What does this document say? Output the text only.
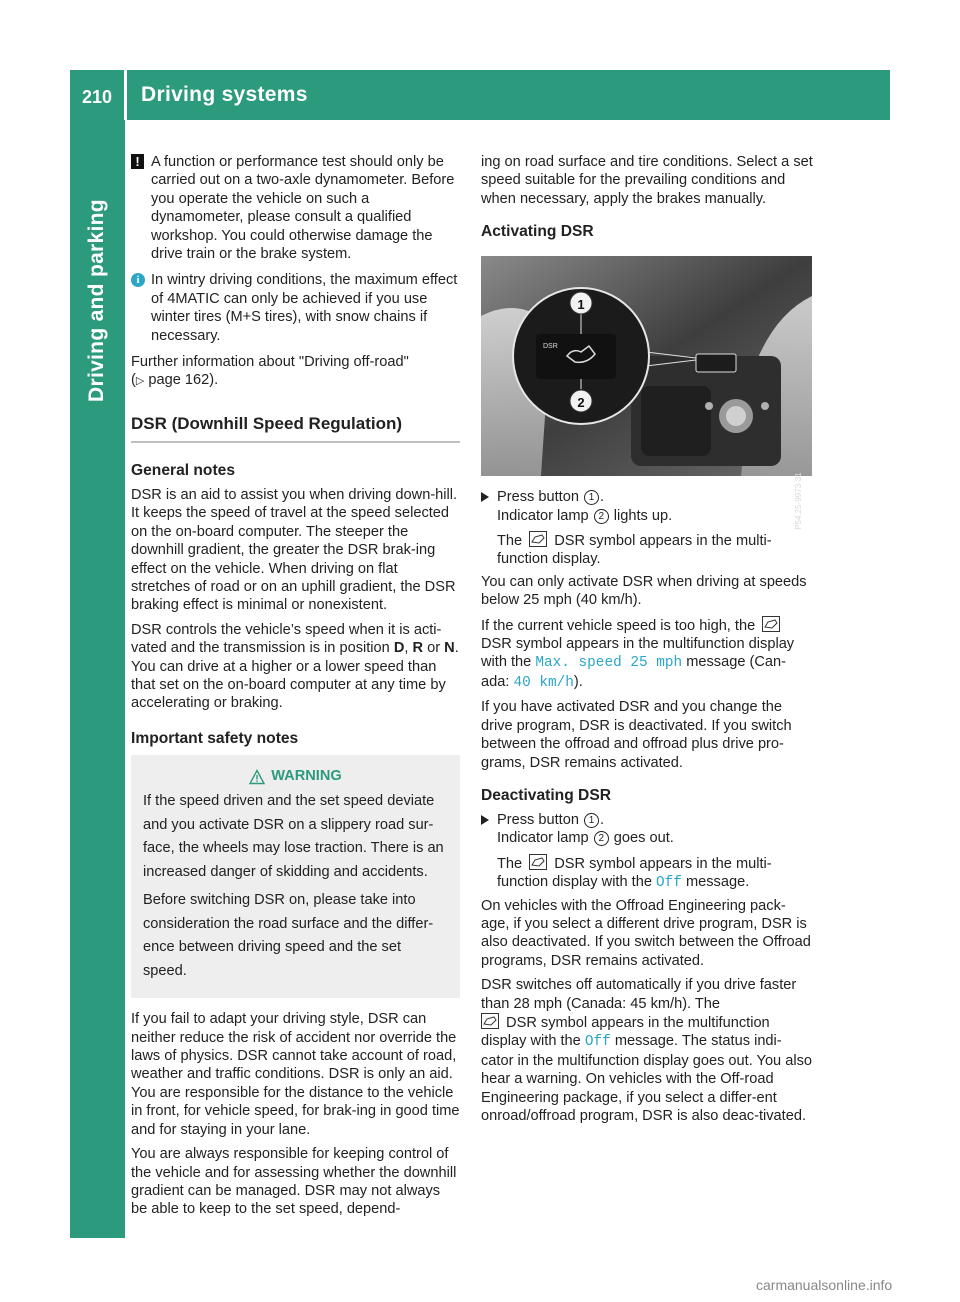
210 Driving systems
Driving and parking
! A function or performance test should only be carried out on a two-axle dynamometer. Before you operate the vehicle on such a dynamometer, please consult a qualified workshop. You could otherwise damage the drive train or the brake system.
i In wintry driving conditions, the maximum effect of 4MATIC can only be achieved if you use winter tires (M+S tires), with snow chains if necessary.

Further information about "Driving off-road"
(▷ page 162).

DSR (Downhill Speed Regulation)
General notes

DSR is an aid to assist you when driving down-hill. It keeps the speed of travel at the speed selected on the on-board computer. The steeper the downhill gradient, the greater the DSR brak-ing effect on the vehicle. When driving on flat stretches of road or on an uphill gradient, the DSR braking effect is minimal or nonexistent.

DSR controls the vehicle’s speed when it is acti-vated and the transmission is in position D, R or N. You can drive at a higher or a lower speed than that set on the on-board computer at any time by accelerating or braking.

Important safety notes
WARNING

If the speed driven and the set speed deviate and you activate DSR on a slippery road sur-face, the wheels may lose traction. There is an increased danger of skidding and accidents.

Before switching DSR on, please take into consideration the road surface and the differ-ence between driving speed and the set speed.

If you fail to adapt your driving style, DSR can neither reduce the risk of accident nor override the laws of physics. DSR cannot take account of road, weather and traffic conditions. DSR is only an aid. You are responsible for the distance to the vehicle in front, for vehicle speed, for brak-ing in good time and for staying in your lane.

You are always responsible for keeping control of the vehicle and for assessing whether the downhill gradient can be managed. DSR may not always be able to keep to the set speed, depend-

ing on road surface and tire conditions. Select a set speed suitable for the prevailing conditions and when necessary, apply the brakes manually.

Activating DSR
1
2
DSR
P54.25-9973-31
Press button 1 .
Indicator lamp 2 lights up.
The
DSR symbol appears in the multi-function display.

You can only activate DSR when driving at speeds below 25 mph (40 km/h).

If the current vehicle speed is too high, the
DSR symbol appears in the multifunction display with the Max. speed 25 mph message (Can-ada: 40 km/h).

If you have activated DSR and you change the drive program, DSR is deactivated. If you switch between the offroad and offroad plus drive pro-grams, DSR remains activated.

Deactivating DSR
Press button 1 .
Indicator lamp 2 goes out.
The
DSR symbol appears in the multi-function display with the Off message.

On vehicles with the Offroad Engineering pack-age, if you select a different drive program, DSR is also deactivated. If you switch between the Offroad programs, DSR remains activated.

DSR switches off automatically if you drive faster than 28 mph (Canada: 45 km/h). The

DSR symbol appears in the multifunction display with the Off message. The status indi-cator in the multifunction display goes out. You also hear a warning. On vehicles with the Off-road Engineering package, if you select a differ-ent onroad/offroad program, DSR is also deac-tivated.

carmanualsonline.info
